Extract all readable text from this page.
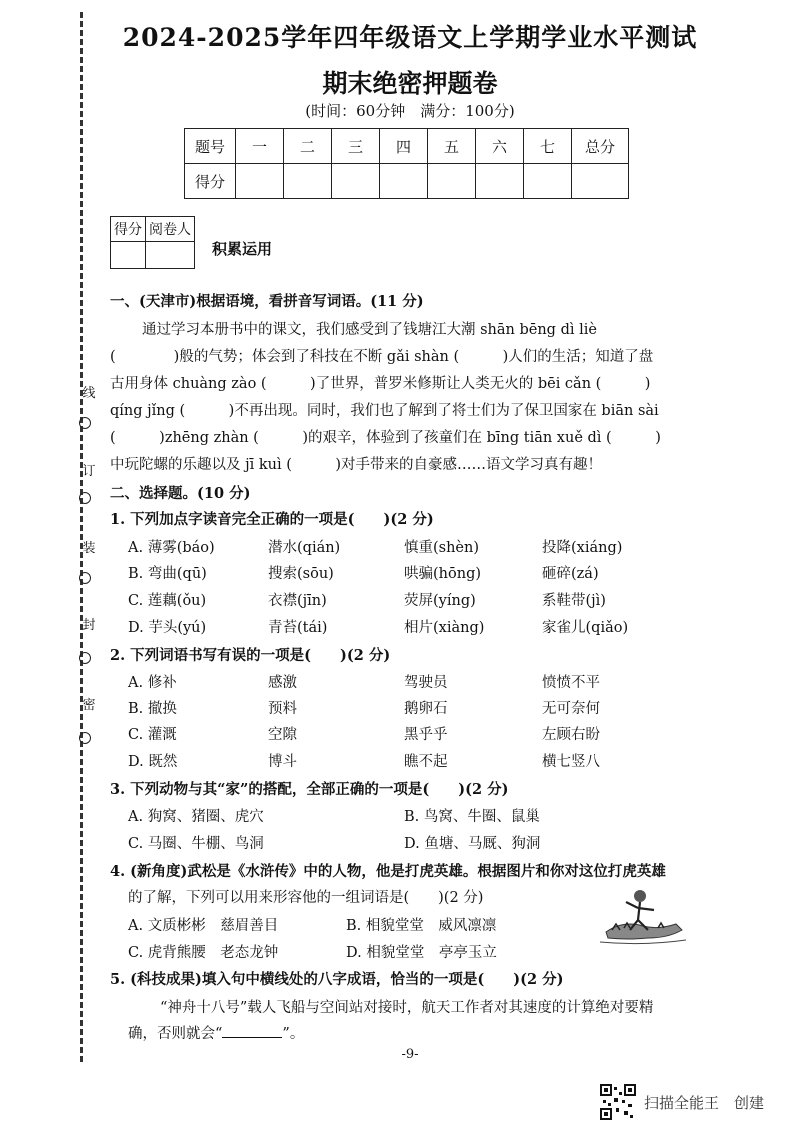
线
订
装
封
密
2024-2025学年四年级语文上学期学业水平测试
期末绝密押题卷
(时间：60分钟　满分：100分)
题号	一	二	三	四	五	六	七	总分
得分								
得分	阅卷人

积累运用
一、(天津市)根据语境，看拼音写词语。(11 分)
通过学习本册书中的课文，我们感受到了钱塘江大潮 shān bēng dì liè
(　　　　)般的气势；体会到了科技在不断 gǎi shàn (　　　)人们的生活；知道了盘
古用身体 chuàng zào (　　　)了世界，普罗米修斯让人类无火的 bēi cǎn (　　　)
qíng jǐng (　　　)不再出现。同时，我们也了解到了将士们为了保卫国家在 biān sài
(　　　)zhēng zhàn (　　　)的艰辛，体验到了孩童们在 bīng tiān xuě dì (　　　)
中玩陀螺的乐趣以及 jī kuì (　　　)对手带来的自豪感……语文学习真有趣！
二、选择题。(10 分)
1. 下列加点字读音完全正确的一项是(　　)(2 分)
A. 薄雾(báo)	潜水(qián)	慎重(shèn)	投降(xiáng)
B. 弯曲(qū)	搜索(sōu)	哄骗(hōng)	砸碎(zá)
C. 莲藕(ǒu)	衣襟(jīn)	荧屏(yíng)	系鞋带(jì)
D. 芋头(yú)	青苔(tái)	相片(xiàng)	家雀儿(qiǎo)
2. 下列词语书写有误的一项是(　　)(2 分)
A. 修补	感激	驾驶员	愤愤不平
B. 撤换	预料	鹅卵石	无可奈何
C. 灌溉	空隙	黑乎乎	左顾右盼
D. 既然	博斗	瞧不起	横七竖八
3. 下列动物与其“家”的搭配，全部正确的一项是(　　)(2 分)
A. 狗窝、猪圈、虎穴	B. 鸟窝、牛圈、鼠巢
C. 马圈、牛棚、鸟洞	D. 鱼塘、马厩、狗洞
4. (新角度)武松是《水浒传》中的人物，他是打虎英雄。根据图片和你对这位打虎英雄
的了解，下列可以用来形容他的一组词语是(　　)(2 分)
A. 文质彬彬　慈眉善目	B. 相貌堂堂　威风凛凛
C. 虎背熊腰　老态龙钟	D. 相貌堂堂　亭亭玉立
5. (科技成果)填入句中横线处的八字成语，恰当的一项是(　　)(2 分)
“神舟十八号”载人飞船与空间站对接时，航天工作者对其速度的计算绝对要精
确，否则就会“	”。
-9-
扫描全能王　创建
